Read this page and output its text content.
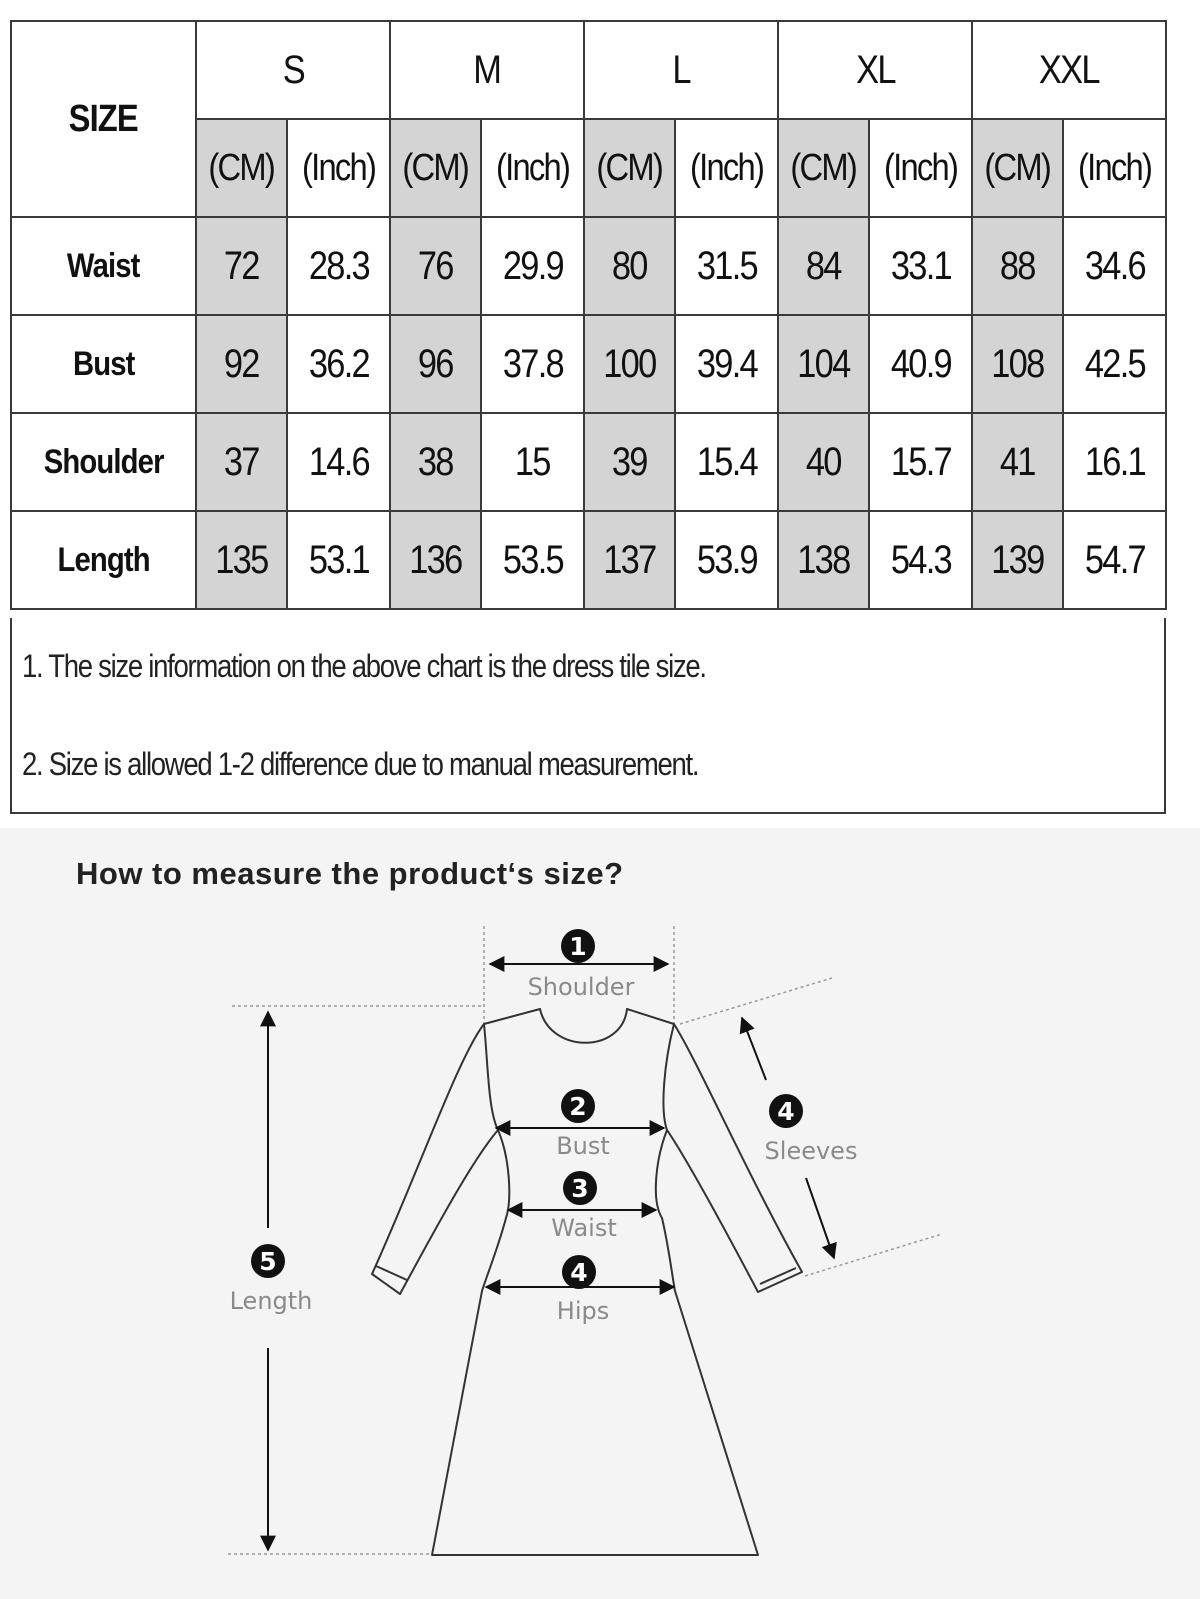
SIZE	S		M		L		XL		XXL	
	(CM)	(Inch)	(CM)	(Inch)	(CM)	(Inch)	(CM)	(Inch)	(CM)	(Inch)
Waist	72	28.3	76	29.9	80	31.5	84	33.1	88	34.6
Bust	92	36.2	96	37.8	100	39.4	104	40.9	108	42.5
Shoulder	37	14.6	38	15	39	15.4	40	15.7	41	16.1
Length	135	53.1	136	53.5	137	53.9	138	54.3	139	54.7
1. The size information on the above chart is the dress tile size.
2. Size is allowed 1-2 difference due to manual measurement.
How to measure the product‘s size?
1
Shoulder
2
Bust
3
Waist
4
Hips
4
Sleeves
5
Length
